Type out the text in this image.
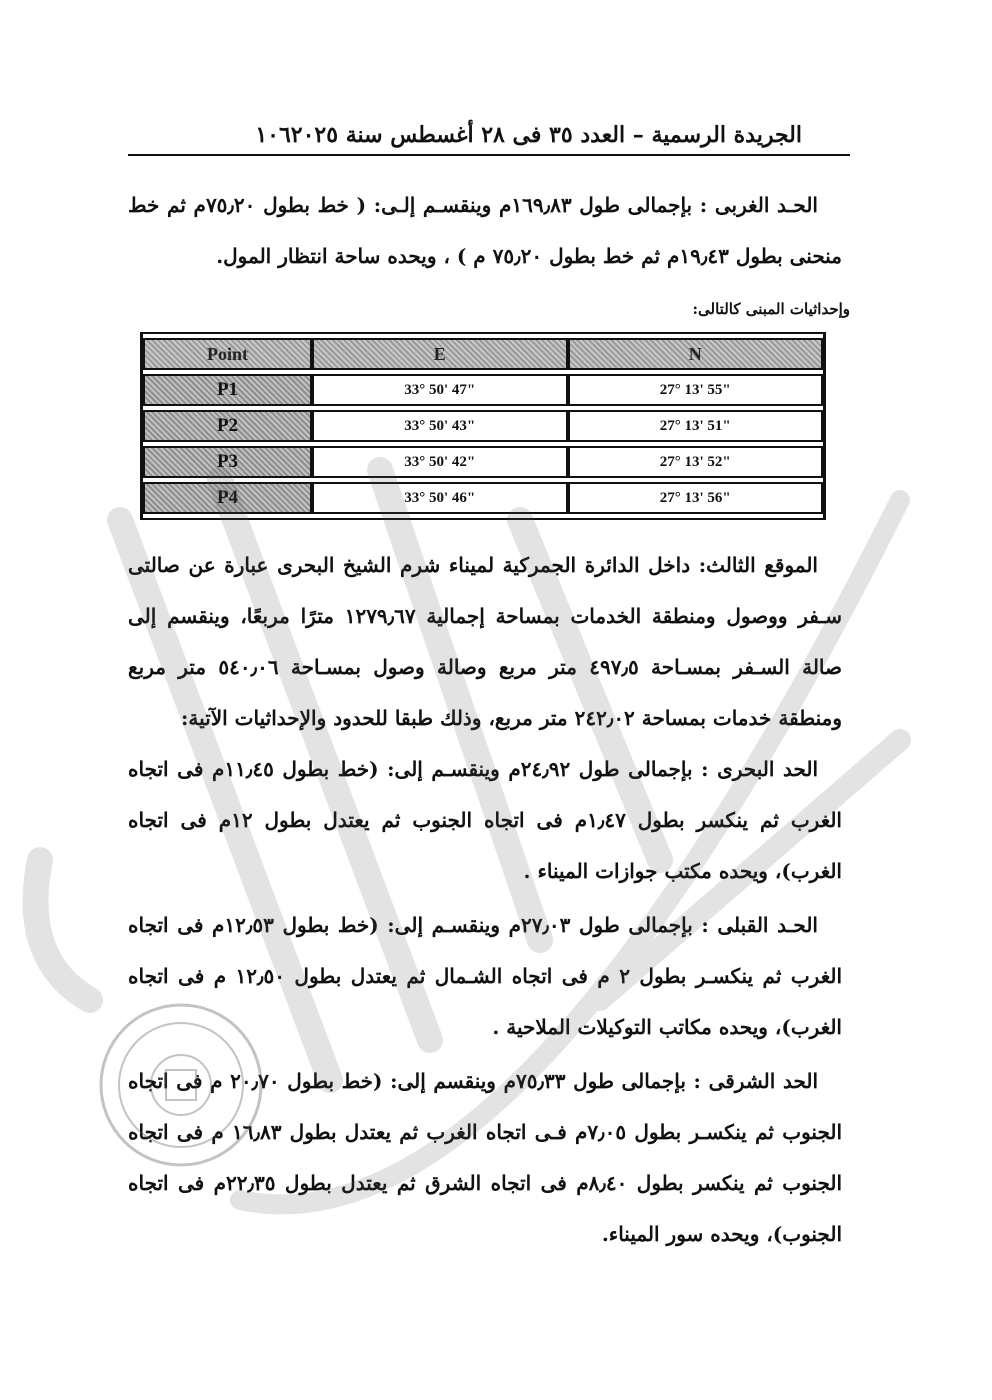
الجريدة الرسمية – العدد ٣٥ فى ٢٨ أغسطس سنة ٢٠٢٥
١٠٦

الحـد الغربى : بإجمالى طول ١٦٩٫٨٣م وينقسـم إلـى: ( خط بطول ٧٥٫٢٠م ثم خط منحنى بطول ١٩٫٤٣م ثم خط بطول ٧٥٫٢٠ م ) ، ويحده ساحة انتظار المول.

وإحداثيات المبنى كالتالى:
Point	E	N
P1	33° 50' 47"	27° 13' 55"
P2	33° 50' 43"	27° 13' 51"
P3	33° 50' 42"	27° 13' 52"
P4	33° 50' 46"	27° 13' 56"

الموقع الثالث: داخل الدائرة الجمركية لميناء شرم الشيخ البحرى عبارة عن صالتى سـفر ووصول ومنطقة الخدمات بمساحة إجمالية ١٢٧٩٫٦٧ مترًا مربعًا، وينقسم إلى صالة السـفر بمسـاحة ٤٩٧٫٥ متر مربع وصالة وصول بمسـاحة ٥٤٠٫٠٦ متر مربع ومنطقة خدمات بمساحة ٢٤٢٫٠٢ متر مربع، وذلك طبقا للحدود والإحداثيات الآتية:

الحد البحرى : بإجمالى طول ٢٤٫٩٢م وينقسـم إلى: (خط بطول ١١٫٤٥م فى اتجاه الغرب ثم ينكسر بطول ١٫٤٧م فى اتجاه الجنوب ثم يعتدل بطول ١٢م فى اتجاه الغرب)، ويحده مكتب جوازات الميناء .

الحـد القبلى : بإجمالى طول ٢٧٫٠٣م وينقسـم إلى: (خط بطول ١٢٫٥٣م فى اتجاه الغرب ثم ينكسـر بطول ٢ م فى اتجاه الشـمال ثم يعتدل بطول ١٢٫٥٠ م فى اتجاه الغرب)، ويحده مكاتب التوكيلات الملاحية .

الحد الشرقى : بإجمالى طول ٧٥٫٣٣م وينقسم إلى: (خط بطول ٢٠٫٧٠ م فى اتجاه الجنوب ثم ينكسـر بطول ٧٫٠٥م فـى اتجاه الغرب ثم يعتدل بطول ١٦٫٨٣ م فى اتجاه الجنوب ثم ينكسر بطول ٨٫٤٠م فى اتجاه الشرق ثم يعتدل بطول ٢٢٫٣٥م فى اتجاه الجنوب)، ويحده سور الميناء.
